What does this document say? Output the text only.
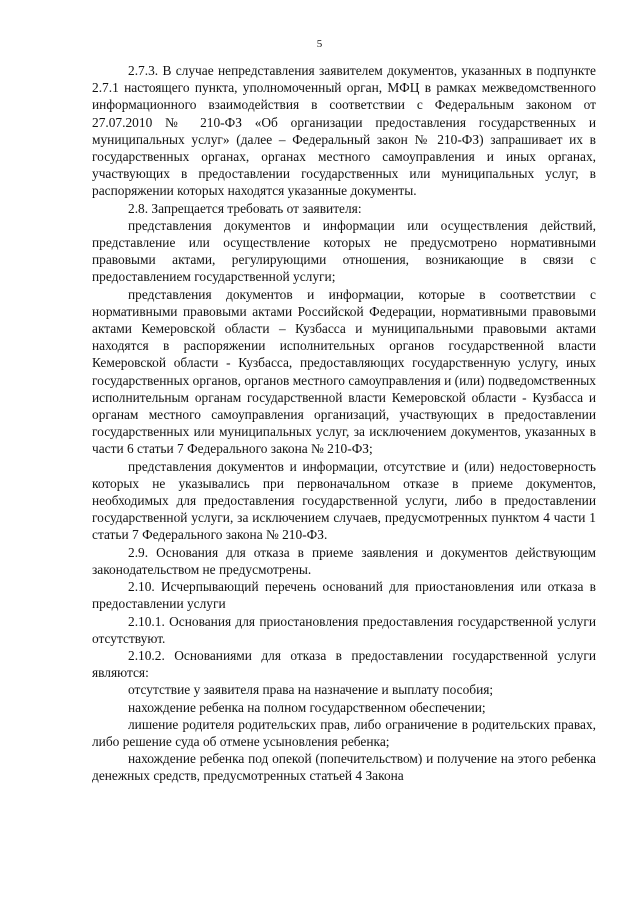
5

2.7.3. В случае непредставления заявителем документов, указанных в подпункте 2.7.1 настоящего пункта, уполномоченный орган, МФЦ в рамках межведомственного информационного взаимодействия в соответствии с Федеральным законом от 27.07.2010 № 210-ФЗ «Об организации предоставления государственных и муниципальных услуг» (далее – Федеральный закон № 210-ФЗ) запрашивает их в государственных органах, органах местного самоуправления и иных органах, участвующих в предоставлении государственных или муниципальных услуг, в распоряжении которых находятся указанные документы.

2.8. Запрещается требовать от заявителя:

представления документов и информации или осуществления действий, представление или осуществление которых не предусмотрено нормативными правовыми актами, регулирующими отношения, возникающие в связи с предоставлением государственной услуги;

представления документов и информации, которые в соответствии с нормативными правовыми актами Российской Федерации, нормативными правовыми актами Кемеровской области – Кузбасса и муниципальными правовыми актами находятся в распоряжении исполнительных органов государственной власти Кемеровской области - Кузбасса, предоставляющих государственную услугу, иных государственных органов, органов местного самоуправления и (или) подведомственных исполнительным органам государственной власти Кемеровской области - Кузбасса и органам местного самоуправления организаций, участвующих в предоставлении государственных или муниципальных услуг, за исключением документов, указанных в части 6 статьи 7 Федерального закона № 210-ФЗ;

представления документов и информации, отсутствие и (или) недостоверность которых не указывались при первоначальном отказе в приеме документов, необходимых для предоставления государственной услуги, либо в предоставлении государственной услуги, за исключением случаев, предусмотренных пунктом 4 части 1 статьи 7 Федерального закона № 210-ФЗ.

2.9. Основания для отказа в приеме заявления и документов действующим законодательством не предусмотрены.

2.10. Исчерпывающий перечень оснований для приостановления или отказа в предоставлении услуги

2.10.1. Основания для приостановления предоставления государственной услуги отсутствуют.

2.10.2. Основаниями для отказа в предоставлении государственной услуги являются:

отсутствие у заявителя права на назначение и выплату пособия;

нахождение ребенка на полном государственном обеспечении;

лишение родителя родительских прав, либо ограничение в родительских правах, либо решение суда об отмене усыновления ребенка;

нахождение ребенка под опекой (попечительством) и получение на этого ребенка денежных средств, предусмотренных статьей 4 Закона
